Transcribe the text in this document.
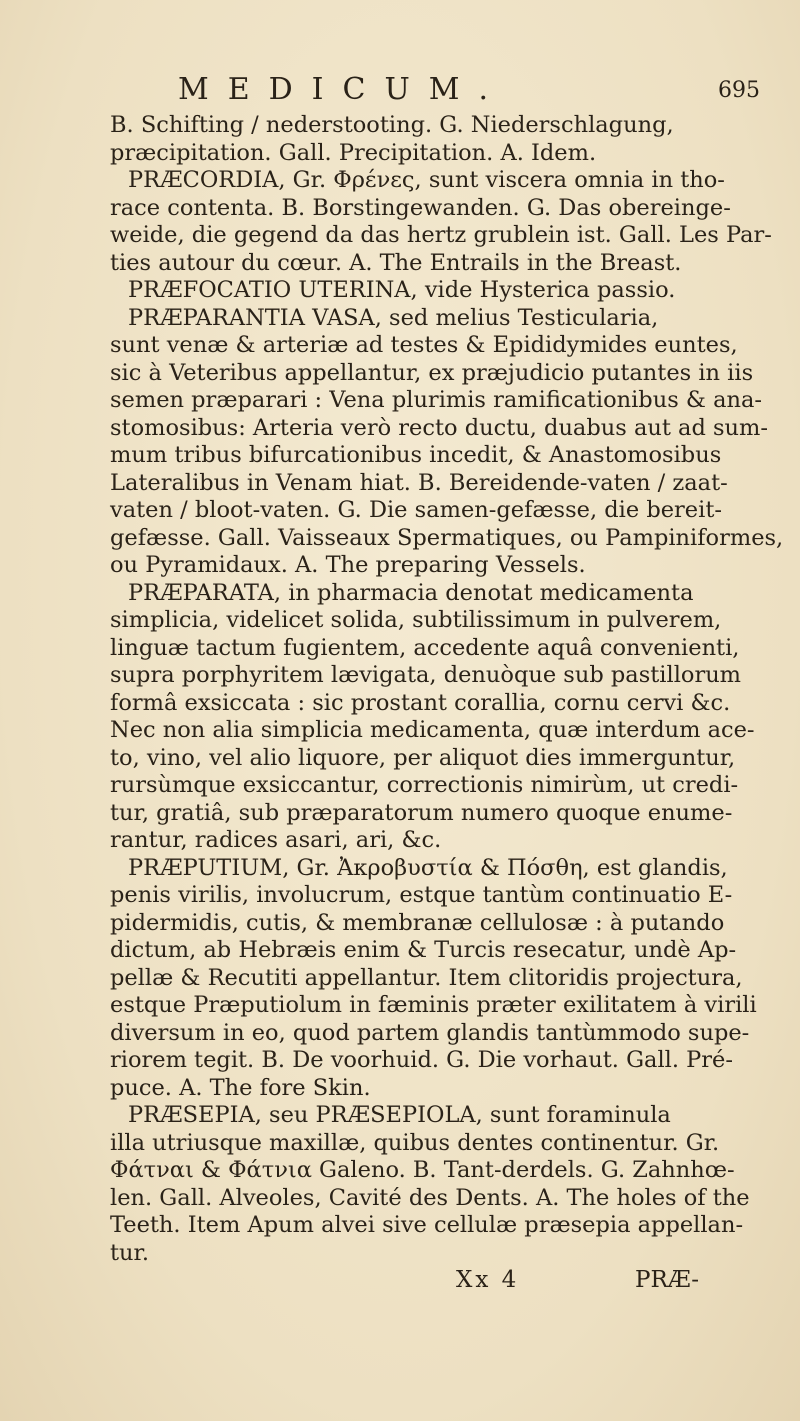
MEDICUM.	695
B. Schifting / nederstooting. G. Niederschlagung,
præcipitation. Gall. Precipitation. A. Idem.
PRÆCORDIA, Gr. Φρένες, sunt viscera omnia in tho-
race contenta. B. Borstingewanden. G. Das obereinge-
weide, die gegend da das hertz grublein ist. Gall. Les Par-
ties autour du cœur. A. The Entrails in the Breast.
PRÆFOCATIO UTERINA, vide Hysterica passio.
PRÆPARANTIA VASA, sed melius Testicularia,
sunt venæ & arteriæ ad testes & Epididymides euntes,
sic à Veteribus appellantur, ex præjudicio putantes in iis
semen præparari : Vena plurimis ramificationibus & ana-
stomosibus: Arteria verò recto ductu, duabus aut ad sum-
mum tribus bifurcationibus incedit, & Anastomosibus
Lateralibus in Venam hiat. B. Bereidende-vaten / zaat-
vaten / bloot-vaten. G. Die samen-gefæsse, die bereit-
gefæsse. Gall. Vaisseaux Spermatiques, ou Pampiniformes,
ou Pyramidaux. A. The preparing Vessels.
PRÆPARATA, in pharmacia denotat medicamenta
simplicia, videlicet solida, subtilissimum in pulverem,
linguæ tactum fugientem, accedente aquâ convenienti,
supra porphyritem lævigata, denuòque sub pastillorum
formâ exsiccata : sic prostant corallia, cornu cervi &c.
Nec non alia simplicia medicamenta, quæ interdum ace-
to, vino, vel alio liquore, per aliquot dies immerguntur,
rursùmque exsiccantur, correctionis nimirùm, ut credi-
tur, gratiâ, sub præparatorum numero quoque enume-
rantur, radices asari, ari, &c.
PRÆPUTIUM, Gr. Ἀκροβυστία & Πόσθη, est glandis,
penis virilis, involucrum, estque tantùm continuatio E-
pidermidis, cutis, & membranæ cellulosæ : à putando
dictum, ab Hebræis enim & Turcis resecatur, undè Ap-
pellæ & Recutiti appellantur. Item clitoridis projectura,
estque Præputiolum in fæminis præter exilitatem à virili
diversum in eo, quod partem glandis tantùmmodo supe-
riorem tegit. B. De voorhuid. G. Die vorhaut. Gall. Pré-
puce. A. The fore Skin.
PRÆSEPIA, seu PRÆSEPIOLA, sunt foraminula
illa utriusque maxillæ, quibus dentes continentur. Gr.
Φάτναι & Φάτνια Galeno. B. Tant-derdels. G. Zahnhœ-
len. Gall. Alveoles, Cavité des Dents. A. The holes of the
Teeth. Item Apum alvei sive cellulæ præsepia appellan-
tur.
Xx 4	PRÆ-
